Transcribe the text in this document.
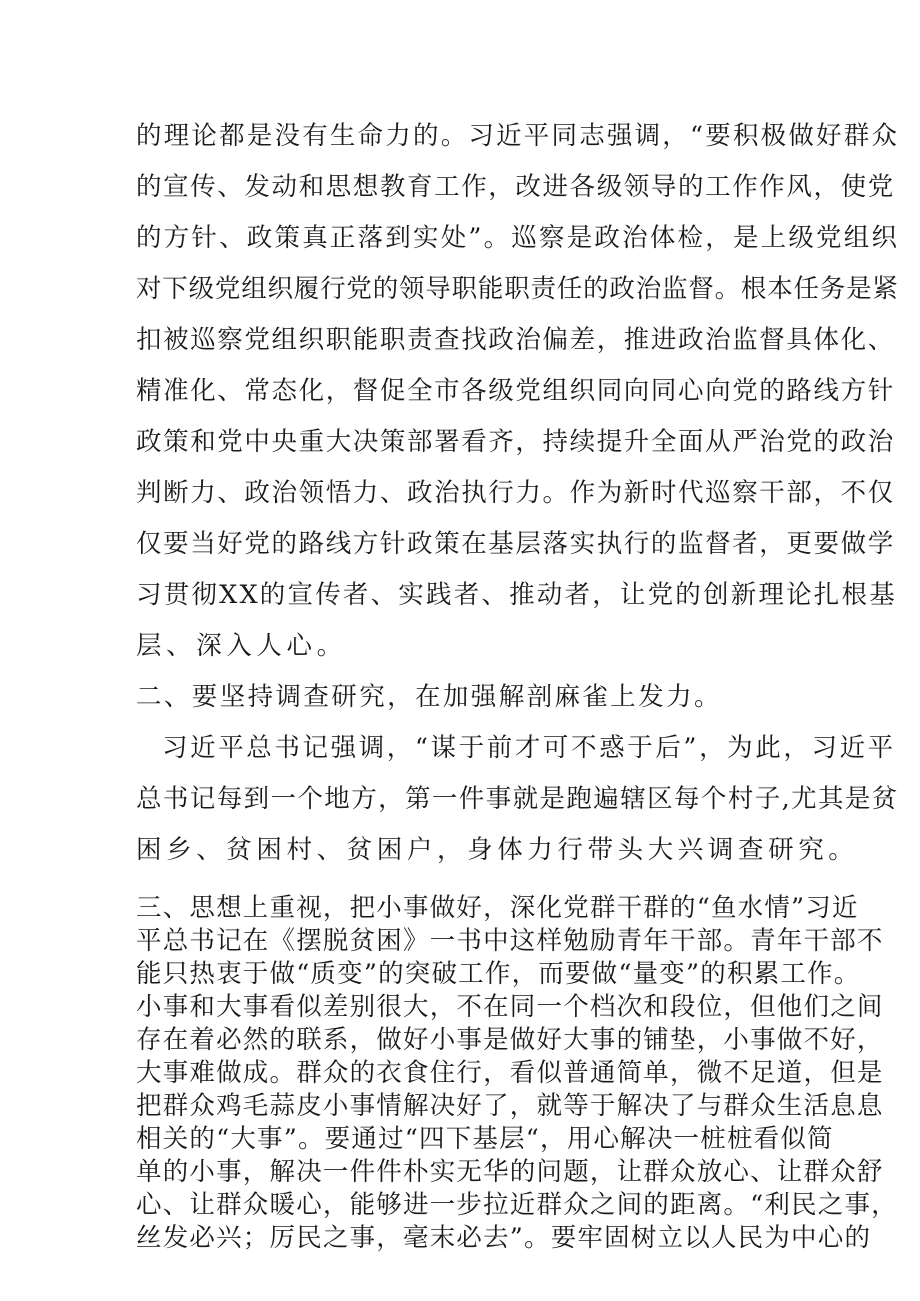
的理论都是没有生命力的。习近平同志强调，“要积极做好群众

的宣传、发动和思想教育工作，改进各级领导的工作作风，使党

的方针、政策真正落到实处”。巡察是政治体检，是上级党组织

对下级党组织履行党的领导职能职责任的政治监督。根本任务是紧

扣被巡察党组织职能职责查找政治偏差，推进政治监督具体化、

精准化、常态化，督促全市各级党组织同向同心向党的路线方针

政策和党中央重大决策部署看齐，持续提升全面从严治党的政治

判断力、政治领悟力、政治执行力。作为新时代巡察干部，不仅

仅要当好党的路线方针政策在基层落实执行的监督者，更要做学

习贯彻XX的宣传者、实践者、推动者，让党的创新理论扎根基

层、深入人心。

二、要坚持调查研究，在加强解剖麻雀上发力。

习近平总书记强调，“谋于前才可不惑于后”，为此，习近平

总书记每到一个地方，第一件事就是跑遍辖区每个村子,尤其是贫

困乡、贫困村、贫困户，身体力行带头大兴调查研究。

三、思想上重视，把小事做好，深化党群干群的“鱼水情”习近

平总书记在《摆脱贫困》一书中这样勉励青年干部。青年干部不

能只热衷于做“质变”的突破工作，而要做“量变”的积累工作。

小事和大事看似差别很大，不在同一个档次和段位，但他们之间

存在着必然的联系，做好小事是做好大事的铺垫，小事做不好，

大事难做成。群众的衣食住行，看似普通简单，微不足道，但是

把群众鸡毛蒜皮小事情解决好了，就等于解决了与群众生活息息

相关的“大事”。要通过“四下基层“，用心解决一桩桩看似简

单的小事，解决一件件朴实无华的问题，让群众放心、让群众舒

心、让群众暖心，能够进一步拉近群众之间的距离。“利民之事，

丝发必兴；厉民之事，毫末必去”。要牢固树立以人民为中心的
